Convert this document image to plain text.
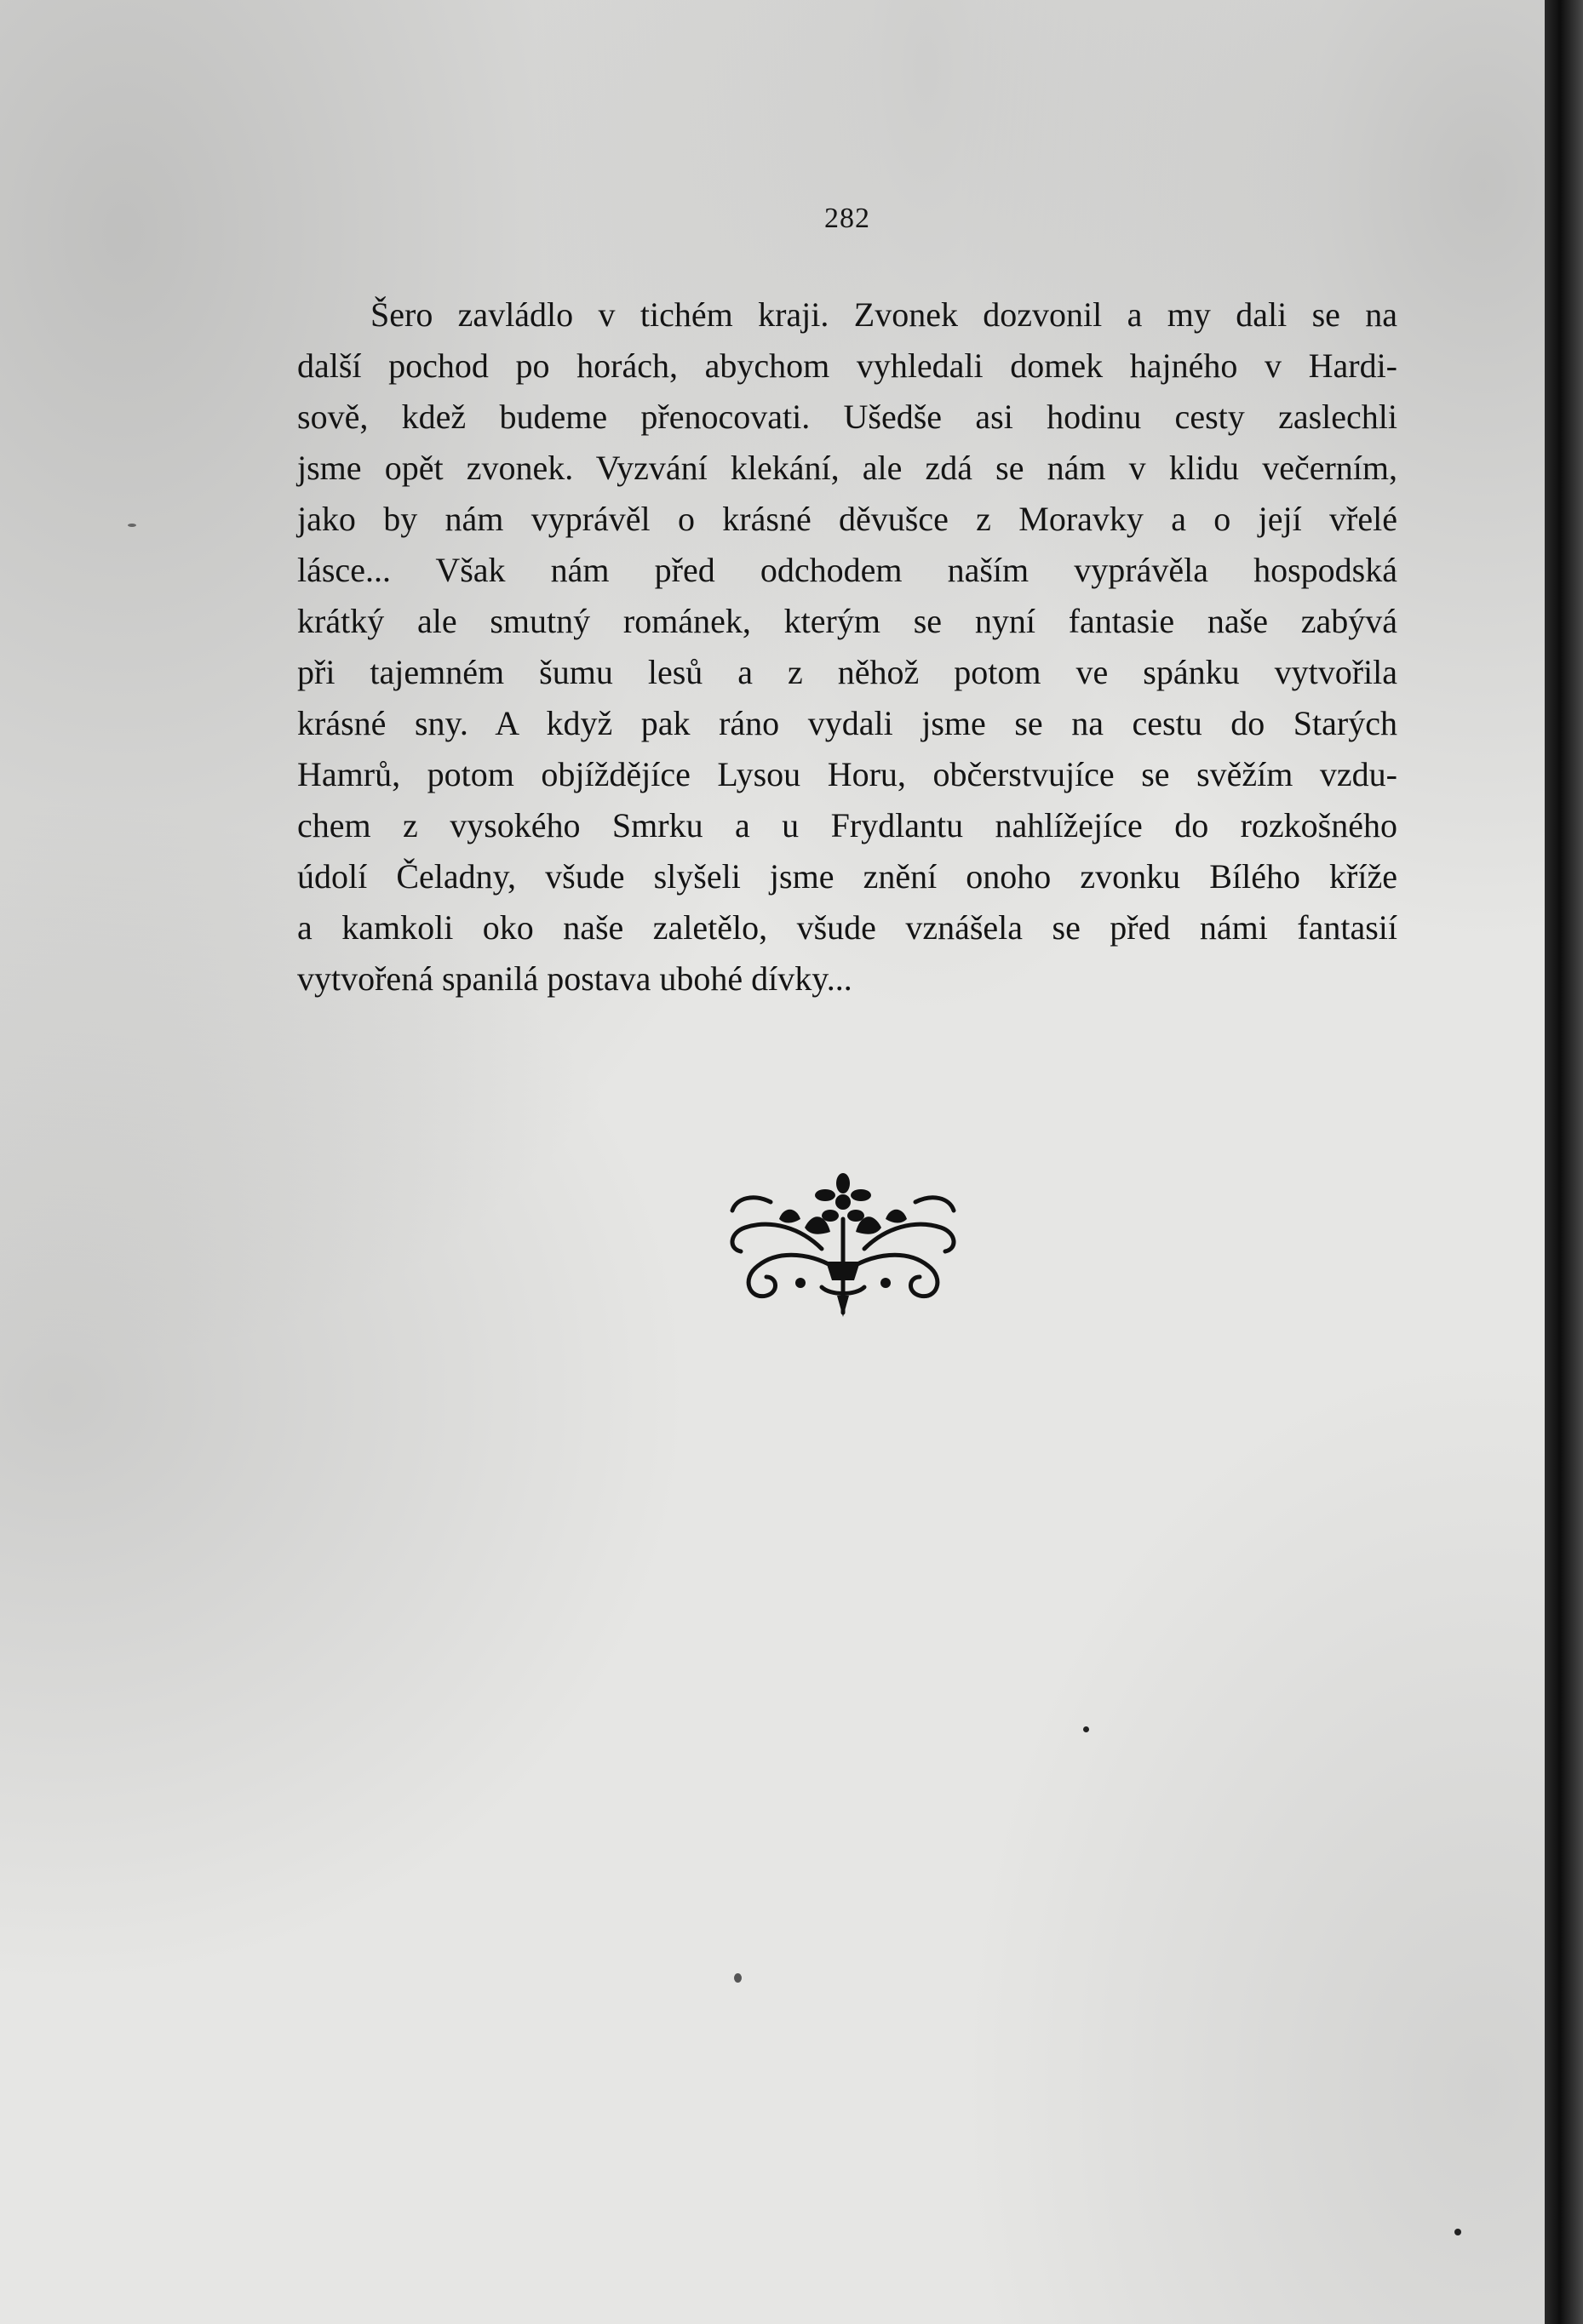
282
Šero zavládlo v tichém kraji. Zvonek dozvonil a my dali se na
další pochod po horách, abychom vyhledali domek hajného v Hardi-
sově, kdež budeme přenocovati. Ušedše asi hodinu cesty zaslechli
jsme opět zvonek. Vyzvání klekání, ale zdá se nám v klidu večerním,
jako by nám vyprávěl o krásné děvušce z Moravky a o její vřelé
lásce... Však nám před odchodem naším vyprávěla hospodská
krátký ale smutný románek, kterým se nyní fantasie naše zabývá
při tajemném šumu lesů a z něhož potom ve spánku vytvořila
krásné sny. A když pak ráno vydali jsme se na cestu do Starých
Hamrů, potom objíždějíce Lysou Horu, občerstvujíce se svěžím vzdu-
chem z vysokého Smrku a u Frydlantu nahlížejíce do rozkošného
údolí Čeladny, všude slyšeli jsme znění onoho zvonku Bílého kříže
a kamkoli oko naše zaletělo, všude vznášela se před námi fantasií
vytvořená spanilá postava ubohé dívky...
